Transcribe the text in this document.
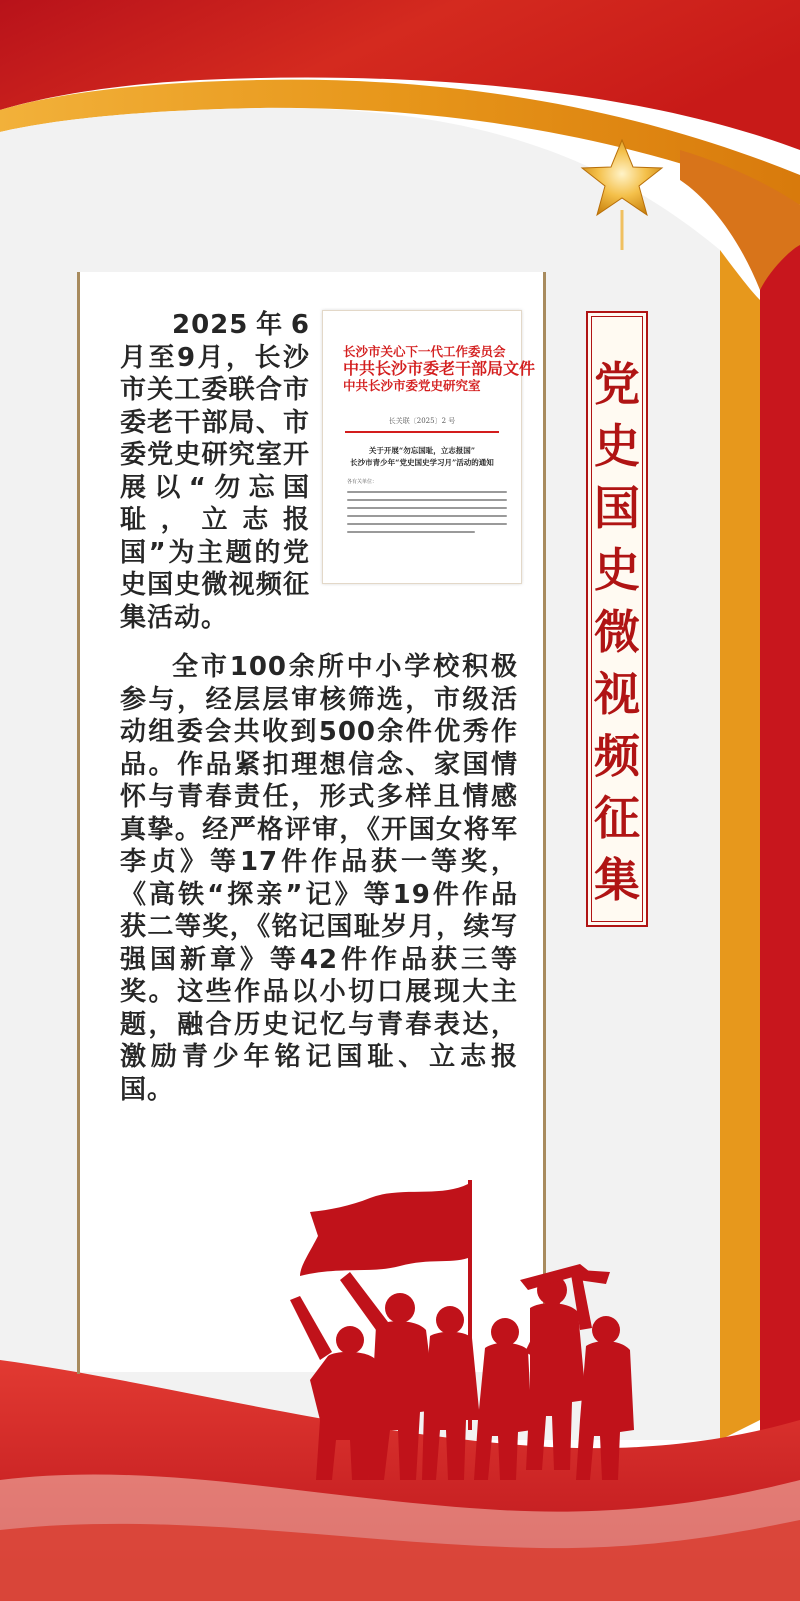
长沙市关心下一代工作委员会
中共长沙市委老干部局文件
中共长沙市委党史研究室
长关联〔2025〕2 号
关于开展“勿忘国耻，立志报国”
长沙市青少年“党史国史学习月”活动的通知
各有关单位：

2025年6月至9月，长沙市关工委联合市委老干部局、市委党史研究室开展以“勿忘国耻，立志报国”为主题的党史国史微视频征集活动。

全市100余所中小学校积极参与，经层层审核筛选，市级活动组委会共收到500余件优秀作品。作品紧扣理想信念、家国情怀与青春责任，形式多样且情感真挚。经严格评审，《开国女将军李贞》等17件作品获一等奖，《高铁“探亲”记》等19件作品获二等奖，《铭记国耻岁月，续写强国新章》等42件作品获三等奖。这些作品以小切口展现大主题，融合历史记忆与青春表达，激励青少年铭记国耻、立志报国。

党史国史微视频征集
